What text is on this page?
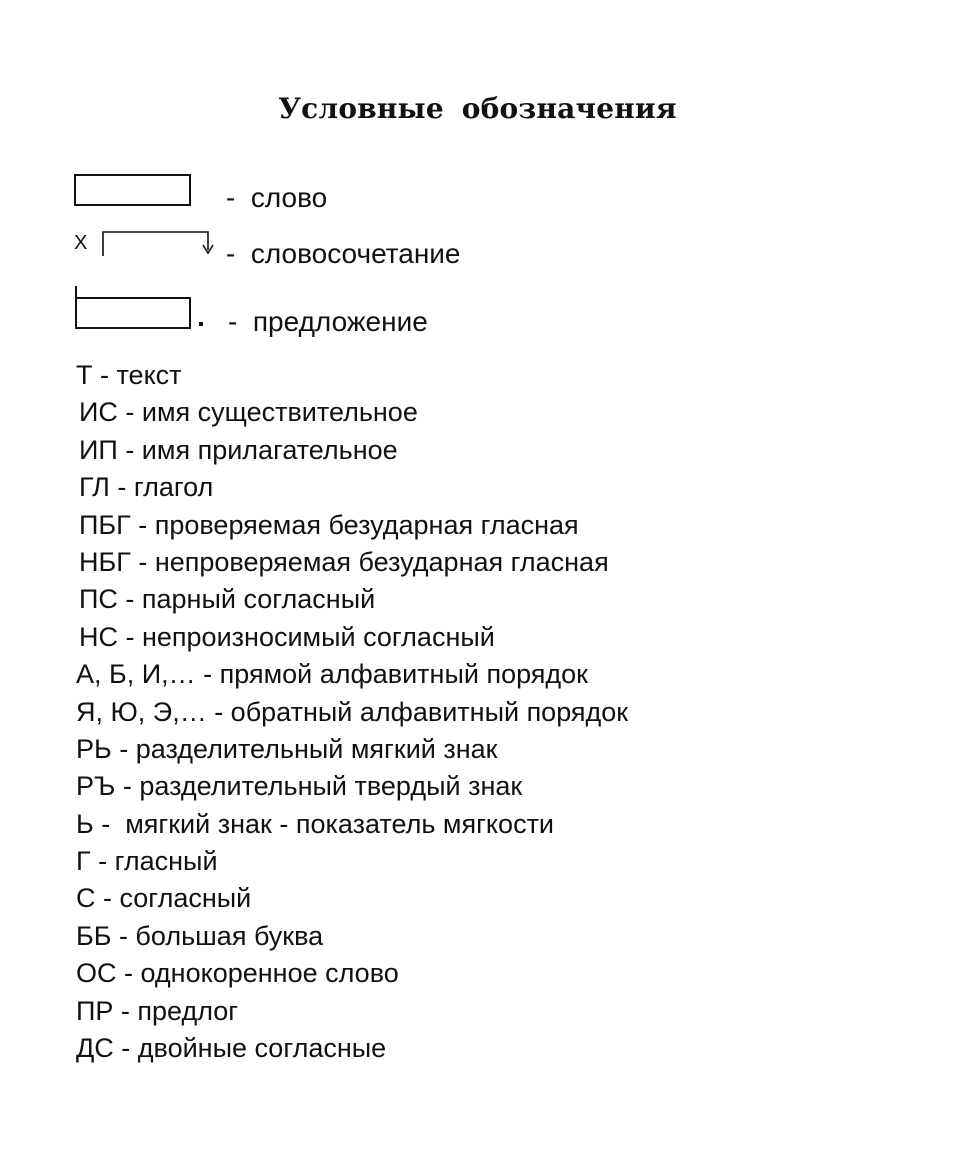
Условные обозначения
-  слово
Х	-  словосочетание
-  предложение
Т - текст
ИС - имя существительное
ИП - имя прилагательное
ГЛ - глагол
ПБГ - проверяемая безударная гласная
НБГ - непроверяемая безударная гласная
ПС - парный согласный
НС - непроизносимый согласный
А, Б, И,… - прямой алфавитный порядок
Я, Ю, Э,… - обратный алфавитный порядок
РЬ - разделительный мягкий знак
РЪ - разделительный твердый знак
Ь -  мягкий знак - показатель мягкости
Г - гласный
С - согласный
ББ - большая буква
ОС - однокоренное слово
ПР - предлог
ДС - двойные согласные
